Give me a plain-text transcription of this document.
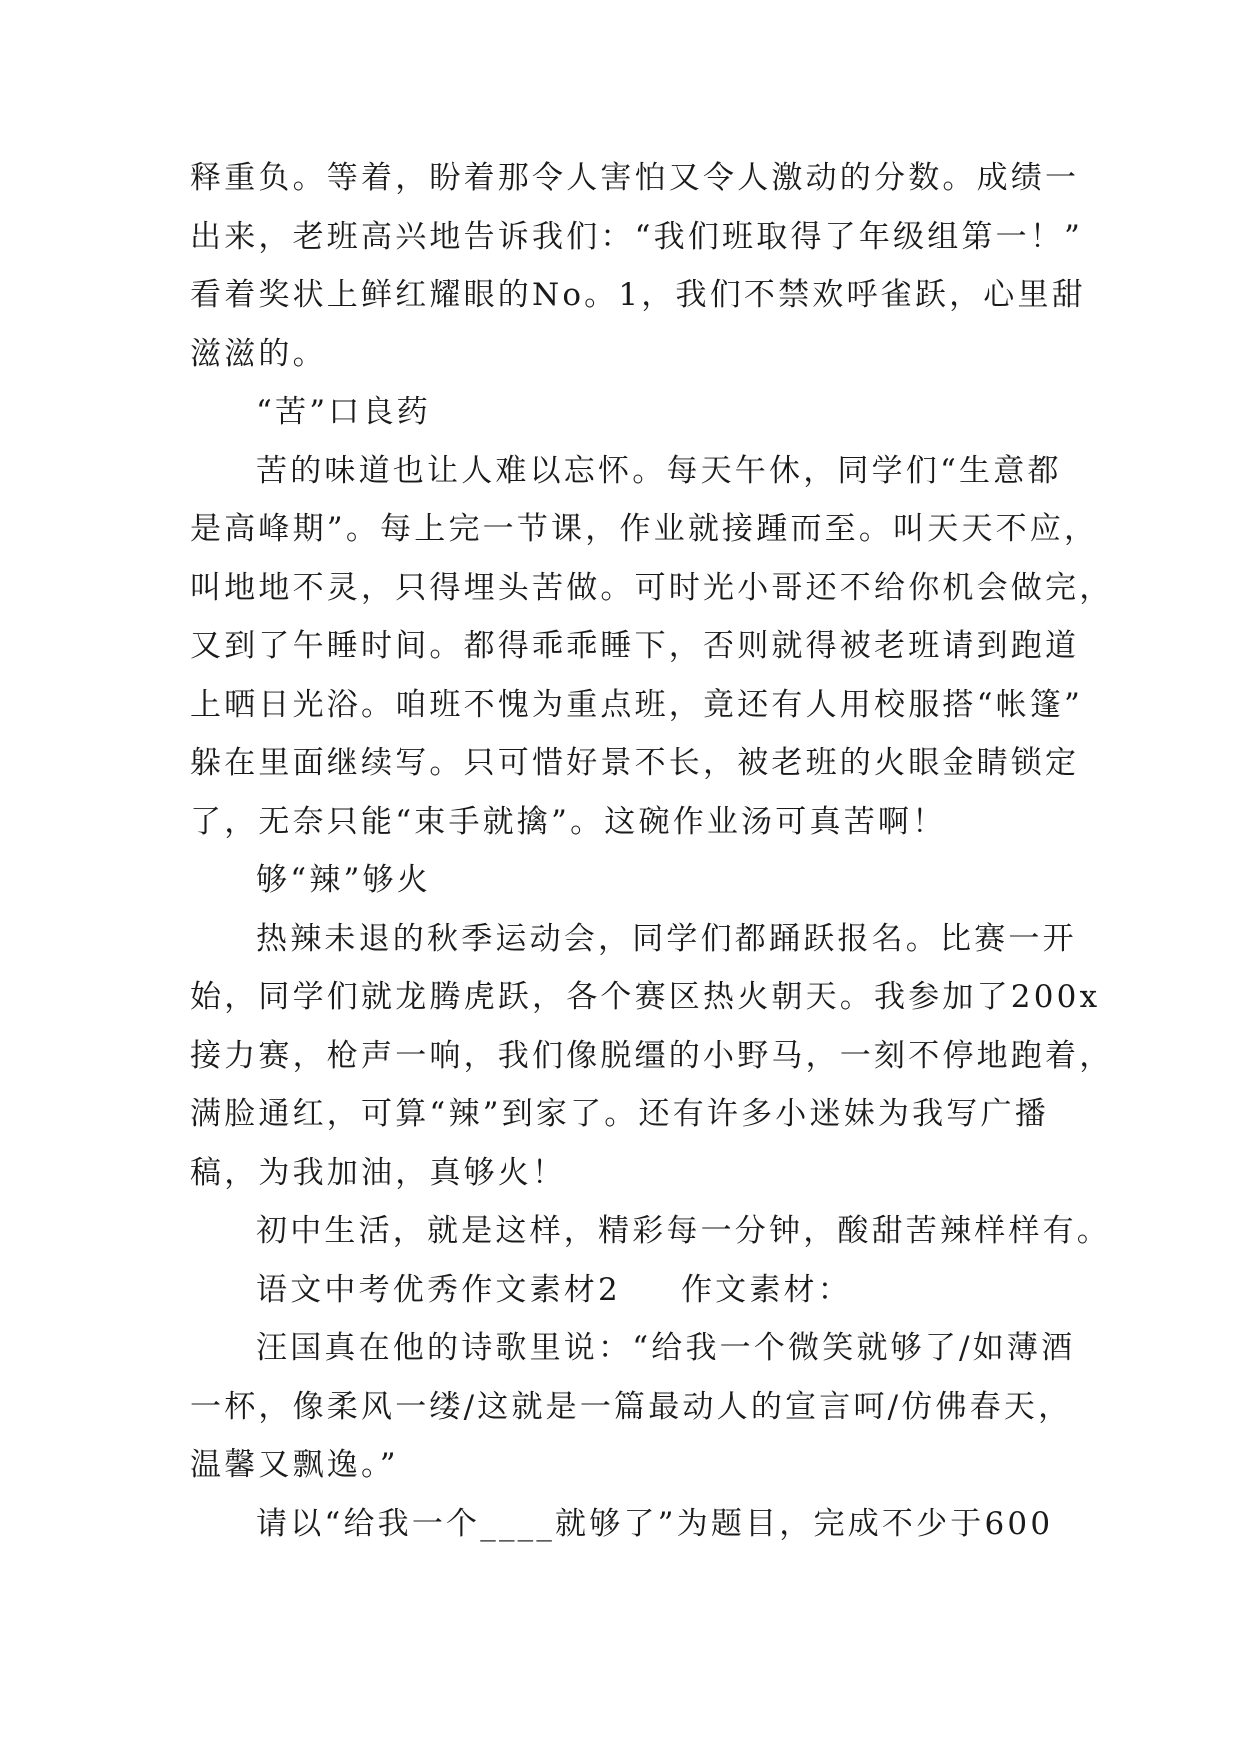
释重负。等着，盼着那令人害怕又令人激动的分数。成绩一
出来，老班高兴地告诉我们：“我们班取得了年级组第一！”
看着奖状上鲜红耀眼的No。1，我们不禁欢呼雀跃，心里甜
滋滋的。
“苦”口良药
苦的味道也让人难以忘怀。每天午休，同学们“生意都
是高峰期”。每上完一节课，作业就接踵而至。叫天天不应，
叫地地不灵，只得埋头苦做。可时光小哥还不给你机会做完，
又到了午睡时间。都得乖乖睡下，否则就得被老班请到跑道
上晒日光浴。咱班不愧为重点班，竟还有人用校服搭“帐篷”
躲在里面继续写。只可惜好景不长，被老班的火眼金睛锁定
了，无奈只能“束手就擒”。这碗作业汤可真苦啊！
够“辣”够火
热辣未退的秋季运动会，同学们都踊跃报名。比赛一开
始，同学们就龙腾虎跃，各个赛区热火朝天。我参加了200x
接力赛，枪声一响，我们像脱缰的小野马，一刻不停地跑着，
满脸通红，可算“辣”到家了。还有许多小迷妹为我写广播
稿，为我加油，真够火！
初中生活，就是这样，精彩每一分钟，酸甜苦辣样样有。
语文中考优秀作文素材2 作文素材：
汪国真在他的诗歌里说：“给我一个微笑就够了/如薄酒
一杯，像柔风一缕/这就是一篇最动人的宣言呵/仿佛春天，
温馨又飘逸。”
请以“给我一个____就够了”为题目，完成不少于600
